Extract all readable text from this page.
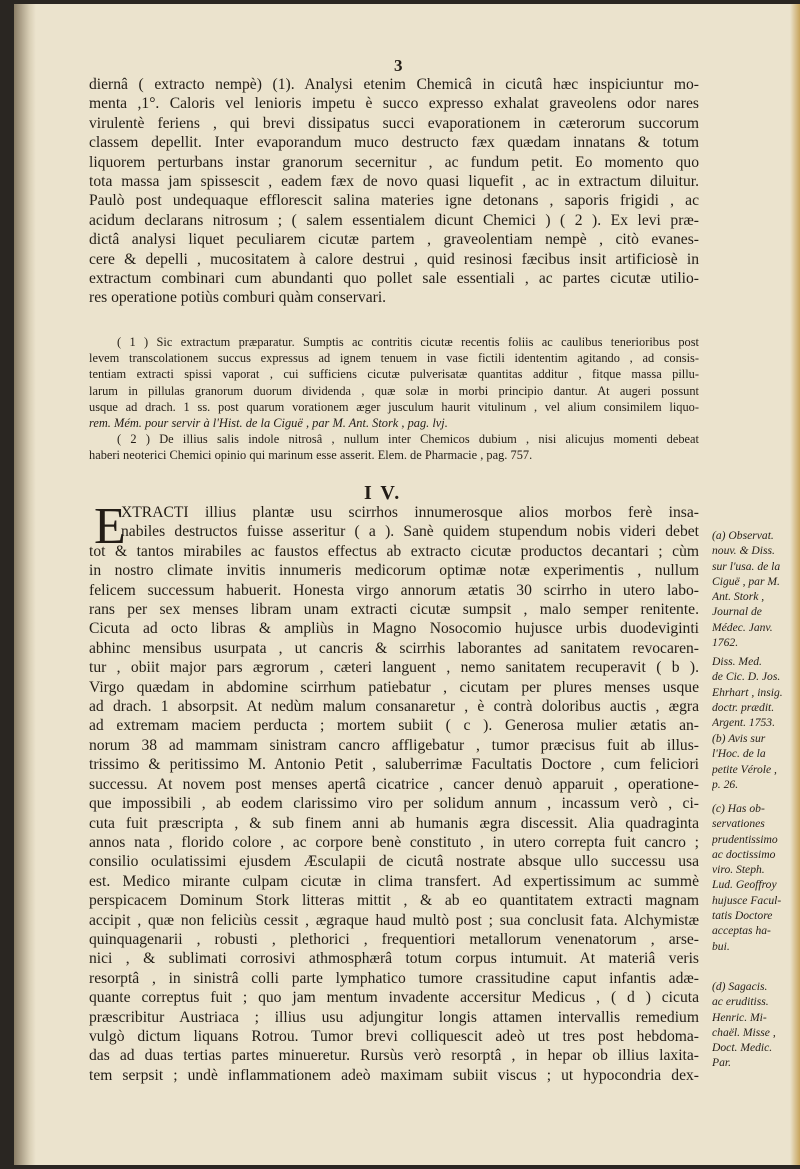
3
diernâ ( extracto nempè) (1). Analysi etenim Chemicâ in cicutâ hæc inspiciuntur mo-
menta ,1°. Caloris vel lenioris impetu è succo expresso exhalat graveolens odor nares
virulentè feriens , qui brevi dissipatus succi evaporationem in cæterorum succorum
classem depellit. Inter evaporandum muco destructo fæx quædam innatans & totum
liquorem perturbans instar granorum secernitur , ac fundum petit. Eo momento quo
tota massa jam spissescit , eadem fæx de novo quasi liquefit , ac in extractum diluitur.
Paulò post undequaque efflorescit salina materies igne detonans , saporis frigidi , ac
acidum declarans nitrosum ; ( salem essentialem dicunt Chemici ) ( 2 ). Ex levi præ-
dictâ analysi liquet peculiarem cicutæ partem , graveolentiam nempè , citò evanes-
cere & depelli , mucositatem à calore destrui , quid resinosi fæcibus insit artificiosè in
extractum combinari cum abundanti quo pollet sale essentiali , ac partes cicutæ utilio-
res operatione potiùs comburi quàm conservari.
( 1 ) Sic extractum præparatur. Sumptis ac contritis cicutæ recentis foliis ac caulibus tenerioribus post
levem transcolationem succus expressus ad ignem tenuem in vase fictili idententim agitando , ad consis-
tentiam extracti spissi vaporat , cui sufficiens cicutæ pulverisatæ quantitas additur , fitque massa pillu-
larum in pillulas granorum duorum dividenda , quæ solæ in morbi principio dantur. At augeri possunt
usque ad drach. 1 ss. post quarum vorationem æger jusculum haurit vitulinum , vel alium consimilem liquo-
rem. Mém. pour servir à l'Hist. de la Ciguë , par M. Ant. Stork , pag. lvj.
( 2 ) De illius salis indole nitrosâ , nullum inter Chemicos dubium , nisi alicujus momenti debeat
haberi neoterici Chemici opinio qui marinum esse asserit. Elem. de Pharmacie , pag. 757.
I V.
E
XTRACTI illius plantæ usu scirrhos innumerosque alios morbos ferè insa-
nabiles destructos fuisse asseritur ( a ). Sanè quidem stupendum nobis videri debet
tot & tantos mirabiles ac faustos effectus ab extracto cicutæ productos decantari ; cùm
in nostro climate invitis innumeris medicorum optimæ notæ experimentis , nullum
felicem successum habuerit. Honesta virgo annorum ætatis 30 scirrho in utero labo-
rans per sex menses libram unam extracti cicutæ sumpsit , malo semper renitente.
Cicuta ad octo libras & ampliùs in Magno Nosocomio hujusce urbis duodeviginti
abhinc mensibus usurpata , ut cancris & scirrhis laborantes ad sanitatem revocaren-
tur , obiit major pars ægrorum , cæteri languent , nemo sanitatem recuperavit ( b ).
Virgo quædam in abdomine scirrhum patiebatur , cicutam per plures menses usque
ad drach. 1 absorpsit. At nedùm malum consanaretur , è contrà doloribus auctis , ægra
ad extremam maciem perducta ; mortem subiit ( c ). Generosa mulier ætatis an-
norum 38 ad mammam sinistram cancro affligebatur , tumor præcisus fuit ab illus-
trissimo & peritissimo M. Antonio Petit , saluberrimæ Facultatis Doctore , cum feliciori
successu. At novem post menses apertâ cicatrice , cancer denuò apparuit , operatione-
que impossibili , ab eodem clarissimo viro per solidum annum , incassum verò , ci-
cuta fuit præscripta , & sub finem anni ab humanis ægra discessit. Alia quadraginta
annos nata , florido colore , ac corpore benè constituto , in utero correpta fuit cancro ;
consilio oculatissimi ejusdem Æsculapii de cicutâ nostrate absque ullo successu usa
est. Medico mirante culpam cicutæ in clima transfert. Ad expertissimum ac summè
perspicacem Dominum Stork litteras mittit , & ab eo quantitatem extracti magnam
accipit , quæ non feliciùs cessit , ægraque haud multò post ; sua conclusit fata. Alchymistæ
quinquagenarii , robusti , plethorici , frequentiori metallorum venenatorum , arse-
nici , & sublimati corrosivi athmosphærâ totum corpus intumuit. At materiâ veris
resorptâ , in sinistrâ colli parte lymphatico tumore crassitudine caput infantis adæ-
quante correptus fuit ; quo jam mentum invadente accersitur Medicus , ( d ) cicuta
præscribitur Austriaca ; illius usu adjungitur longis attamen intervallis remedium
vulgò dictum liquans Rotrou. Tumor brevi colliquescit adeò ut tres post hebdoma-
das ad duas tertias partes minueretur. Rursùs verò resorptâ , in hepar ob illius laxita-
tem serpsit ; undè inflammationem adeò maximam subiit viscus ; ut hypocondria dex-
(a) Observat.
nouv. & Diss.
sur l'usa. de la
Ciguë , par M.
Ant. Stork ,
Journal de
Médec. Janv.
1762.
Diss. Med.
de Cic. D. Jos.
Ehrhart , insig.
doctr. prædit.
Argent. 1753.
(b) Avis sur
l'Hoc. de la
petite Vérole ,
p. 26.
(c) Has ob-
servationes
prudentissimo
ac doctissimo
viro. Steph.
Lud. Geoffroy
hujusce Facul-
tatis Doctore
acceptas ha-
bui.
(d) Sagacis.
ac eruditiss.
Henric. Mi-
chaël. Misse ,
Doct. Medic.
Par.
